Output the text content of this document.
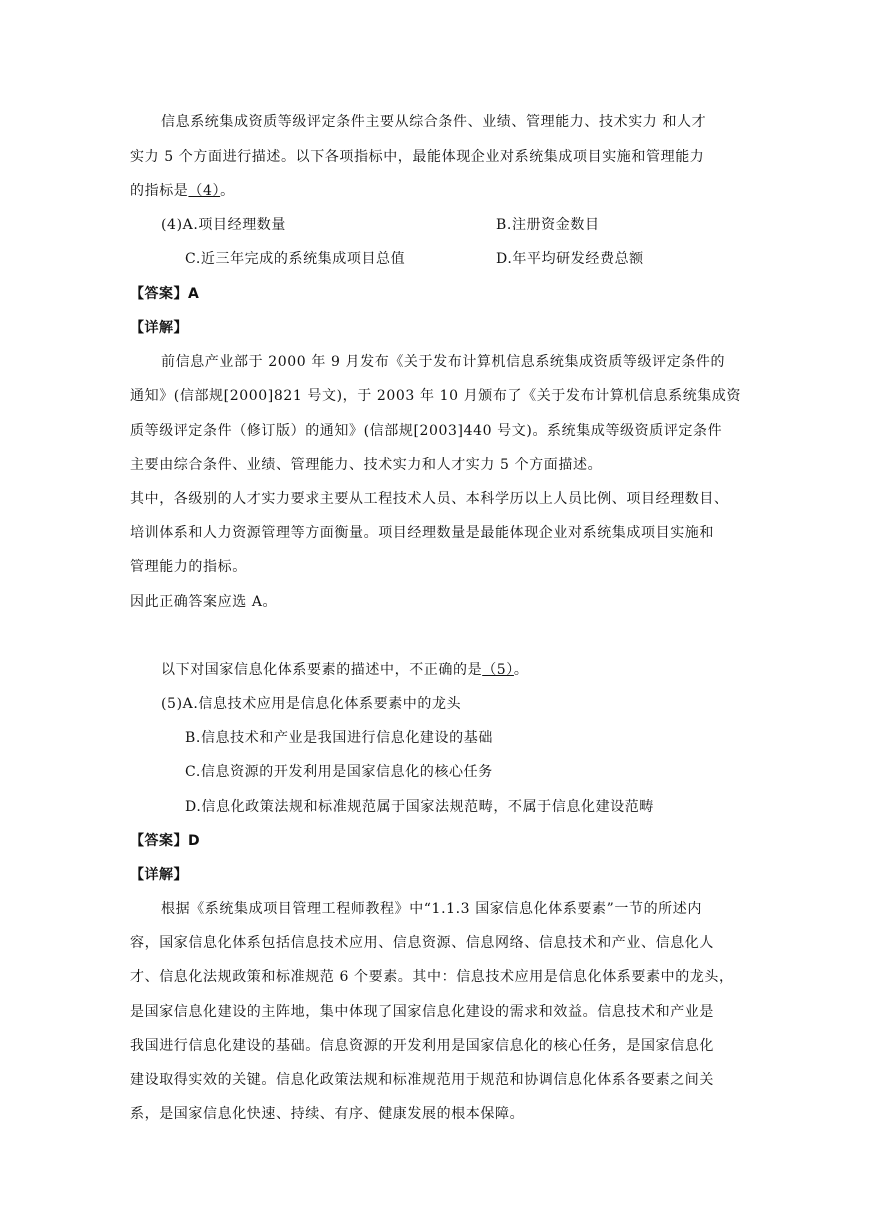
信息系统集成资质等级评定条件主要从综合条件、业绩、管理能力、技术实力 和人才
实力 5 个方面进行描述。以下各项指标中，最能体现企业对系统集成项目实施和管理能力
的指标是（4）。
(4)A.项目经理数量	B.注册资金数目
C.近三年完成的系统集成项目总值	D.年平均研发经费总额
【答案】A
【详解】
前信息产业部于 2000 年 9 月发布《关于发布计算机信息系统集成资质等级评定条件的
通知》(信部规[2000]821 号文)，于 2003 年 10 月颁布了《关于发布计算机信息系统集成资
质等级评定条件（修订版）的通知》(信部规[2003]440 号文)。系统集成等级资质评定条件
主要由综合条件、业绩、管理能力、技术实力和人才实力 5 个方面描述。
其中，各级别的人才实力要求主要从工程技术人员、本科学历以上人员比例、项目经理数目、
培训体系和人力资源管理等方面衡量。项目经理数量是最能体现企业对系统集成项目实施和
管理能力的指标。
因此正确答案应选 A。
以下对国家信息化体系要素的描述中，不正确的是（5）。
(5)A.信息技术应用是信息化体系要素中的龙头
B.信息技术和产业是我国进行信息化建设的基础
C.信息资源的开发利用是国家信息化的核心任务
D.信息化政策法规和标准规范属于国家法规范畴，不属于信息化建设范畴
【答案】D
【详解】
根据《系统集成项目管理工程师教程》中“1.1.3 国家信息化体系要素”一节的所述内
容，国家信息化体系包括信息技术应用、信息资源、信息网络、信息技术和产业、信息化人
才、信息化法规政策和标准规范 6 个要素。其中：信息技术应用是信息化体系要素中的龙头，
是国家信息化建设的主阵地，集中体现了国家信息化建设的需求和效益。信息技术和产业是
我国进行信息化建设的基础。信息资源的开发利用是国家信息化的核心任务，是国家信息化
建设取得实效的关键。信息化政策法规和标准规范用于规范和协调信息化体系各要素之间关
系，是国家信息化快速、持续、有序、健康发展的根本保障。
